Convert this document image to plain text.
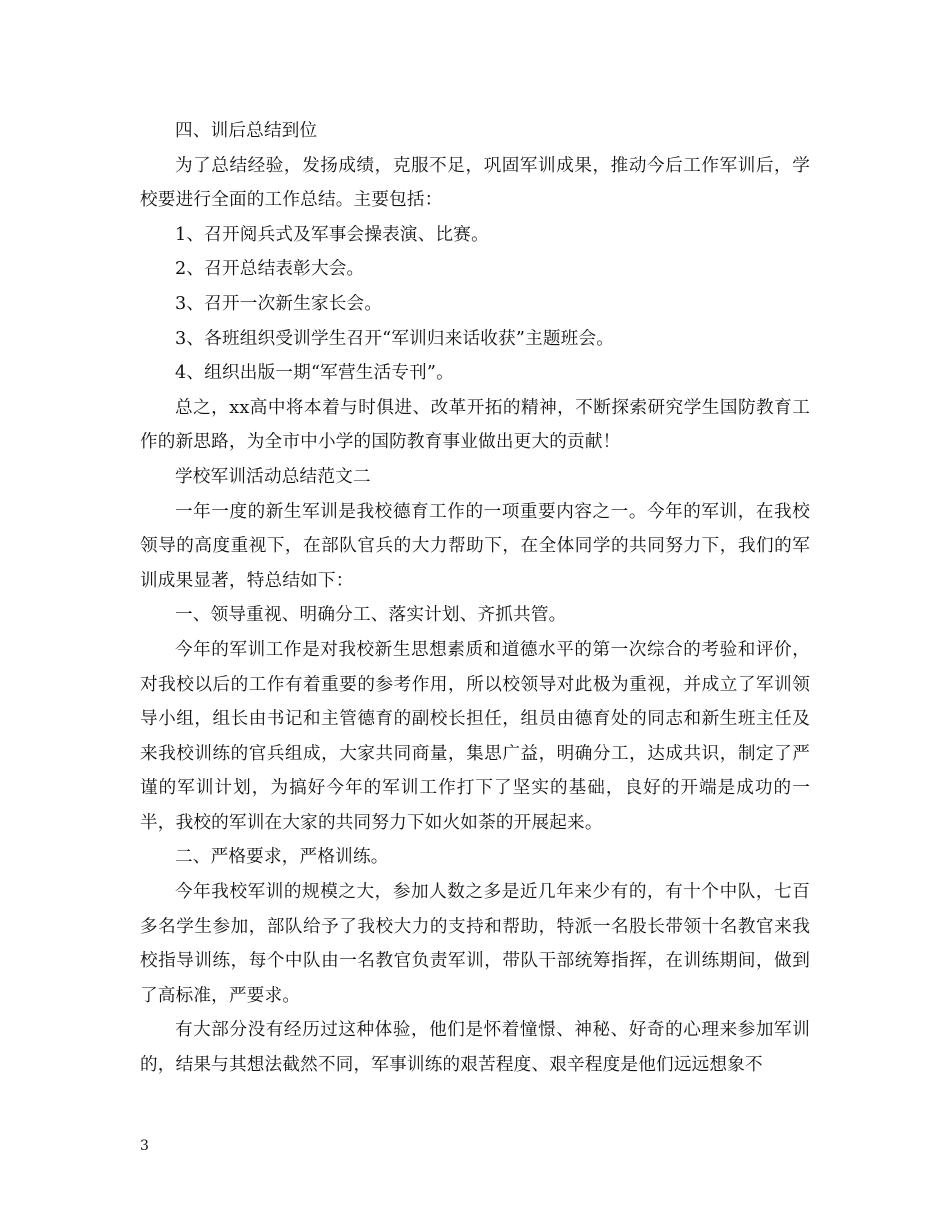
四、训后总结到位

为了总结经验，发扬成绩，克服不足，巩固军训成果，推动今后工作军训后，学校要进行全面的工作总结。主要包括：

1、召开阅兵式及军事会操表演、比赛。

2、召开总结表彰大会。

3、召开一次新生家长会。

3、各班组织受训学生召开“军训归来话收获”主题班会。

4、组织出版一期“军营生活专刊”。

总之，xx高中将本着与时俱进、改革开拓的精神，不断探索研究学生国防教育工作的新思路，为全市中小学的国防教育事业做出更大的贡献！

学校军训活动总结范文二

一年一度的新生军训是我校德育工作的一项重要内容之一。今年的军训，在我校领导的高度重视下，在部队官兵的大力帮助下，在全体同学的共同努力下，我们的军训成果显著，特总结如下：

一、领导重视、明确分工、落实计划、齐抓共管。

今年的军训工作是对我校新生思想素质和道德水平的第一次综合的考验和评价，对我校以后的工作有着重要的参考作用，所以校领导对此极为重视，并成立了军训领导小组，组长由书记和主管德育的副校长担任，组员由德育处的同志和新生班主任及来我校训练的官兵组成，大家共同商量，集思广益，明确分工，达成共识，制定了严谨的军训计划，为搞好今年的军训工作打下了坚实的基础，良好的开端是成功的一半，我校的军训在大家的共同努力下如火如荼的开展起来。

二、严格要求，严格训练。

今年我校军训的规模之大，参加人数之多是近几年来少有的，有十个中队，七百多名学生参加，部队给予了我校大力的支持和帮助，特派一名股长带领十名教官来我校指导训练，每个中队由一名教官负责军训，带队干部统筹指挥，在训练期间，做到了高标准，严要求。

有大部分没有经历过这种体验，他们是怀着憧憬、神秘、好奇的心理来参加军训的，结果与其想法截然不同，军事训练的艰苦程度、艰辛程度是他们远远想象不

3
